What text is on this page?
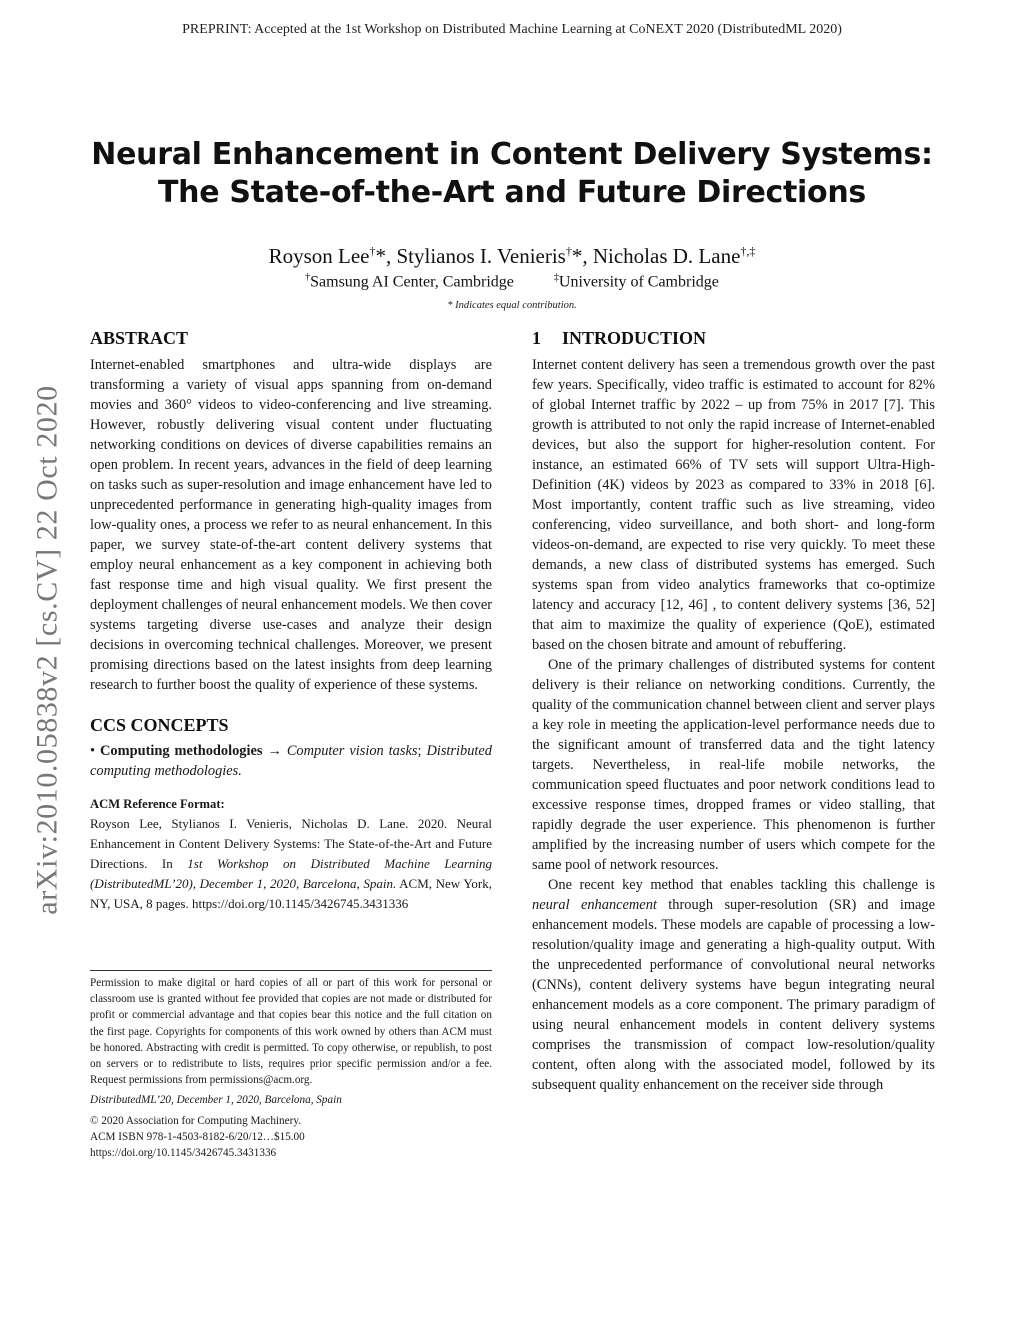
PREPRINT: Accepted at the 1st Workshop on Distributed Machine Learning at CoNEXT 2020 (DistributedML 2020)
arXiv:2010.05838v2 [cs.CV] 22 Oct 2020
Neural Enhancement in Content Delivery Systems:
The State-of-the-Art and Future Directions
Royson Lee†*, Stylianos I. Venieris†*, Nicholas D. Lane†,‡
†Samsung AI Center, Cambridge	‡University of Cambridge
* Indicates equal contribution.
ABSTRACT

Internet-enabled smartphones and ultra-wide displays are transforming a variety of visual apps spanning from on-demand movies and 360° videos to video-conferencing and live streaming. However, robustly delivering visual content under fluctuating networking conditions on devices of diverse capabilities remains an open problem. In recent years, advances in the field of deep learning on tasks such as super-resolution and image enhancement have led to unprecedented performance in generating high-quality images from low-quality ones, a process we refer to as neural enhancement. In this paper, we survey state-of-the-art content delivery systems that employ neural enhancement as a key component in achieving both fast response time and high visual quality. We first present the deployment challenges of neural enhancement models. We then cover systems targeting diverse use-cases and analyze their design decisions in overcoming technical challenges. Moreover, we present promising directions based on the latest insights from deep learning research to further boost the quality of experience of these systems.

CCS CONCEPTS
• Computing methodologies → Computer vision tasks; Distributed computing methodologies.
ACM Reference Format:
Royson Lee, Stylianos I. Venieris, Nicholas D. Lane. 2020. Neural Enhancement in Content Delivery Systems: The State-of-the-Art and Future Directions. In 1st Workshop on Distributed Machine Learning (DistributedML’20), December 1, 2020, Barcelona, Spain. ACM, New York, NY, USA, 8 pages. https://doi.org/10.1145/3426745.3431336
Permission to make digital or hard copies of all or part of this work for personal or classroom use is granted without fee provided that copies are not made or distributed for profit or commercial advantage and that copies bear this notice and the full citation on the first page. Copyrights for components of this work owned by others than ACM must be honored. Abstracting with credit is permitted. To copy otherwise, or republish, to post on servers or to redistribute to lists, requires prior specific permission and/or a fee. Request permissions from permissions@acm.org.
DistributedML’20, December 1, 2020, Barcelona, Spain
© 2020 Association for Computing Machinery.
ACM ISBN 978-1-4503-8182-6/20/12…$15.00
https://doi.org/10.1145/3426745.3431336
1 INTRODUCTION

Internet content delivery has seen a tremendous growth over the past few years. Specifically, video traffic is estimated to account for 82% of global Internet traffic by 2022 – up from 75% in 2017 [7]. This growth is attributed to not only the rapid increase of Internet-enabled devices, but also the support for higher-resolution content. For instance, an estimated 66% of TV sets will support Ultra-High-Definition (4K) videos by 2023 as compared to 33% in 2018 [6]. Most importantly, content traffic such as live streaming, video conferencing, video surveillance, and both short- and long-form videos-on-demand, are expected to rise very quickly. To meet these demands, a new class of distributed systems has emerged. Such systems span from video analytics frameworks that co-optimize latency and accuracy [12, 46] , to content delivery systems [36, 52] that aim to maximize the quality of experience (QoE), estimated based on the chosen bitrate and amount of rebuffering.

One of the primary challenges of distributed systems for content delivery is their reliance on networking conditions. Currently, the quality of the communication channel between client and server plays a key role in meeting the application-level performance needs due to the significant amount of transferred data and the tight latency targets. Nevertheless, in real-life mobile networks, the communication speed fluctuates and poor network conditions lead to excessive response times, dropped frames or video stalling, that rapidly degrade the user experience. This phenomenon is further amplified by the increasing number of users which compete for the same pool of network resources.

One recent key method that enables tackling this challenge is neural enhancement through super-resolution (SR) and image enhancement models. These models are capable of processing a low-resolution/quality image and generating a high-quality output. With the unprecedented performance of convolutional neural networks (CNNs), content delivery systems have begun integrating neural enhancement models as a core component. The primary paradigm of using neural enhancement models in content delivery systems comprises the transmission of compact low-resolution/quality content, often along with the associated model, followed by its subsequent quality enhancement on the receiver side through
